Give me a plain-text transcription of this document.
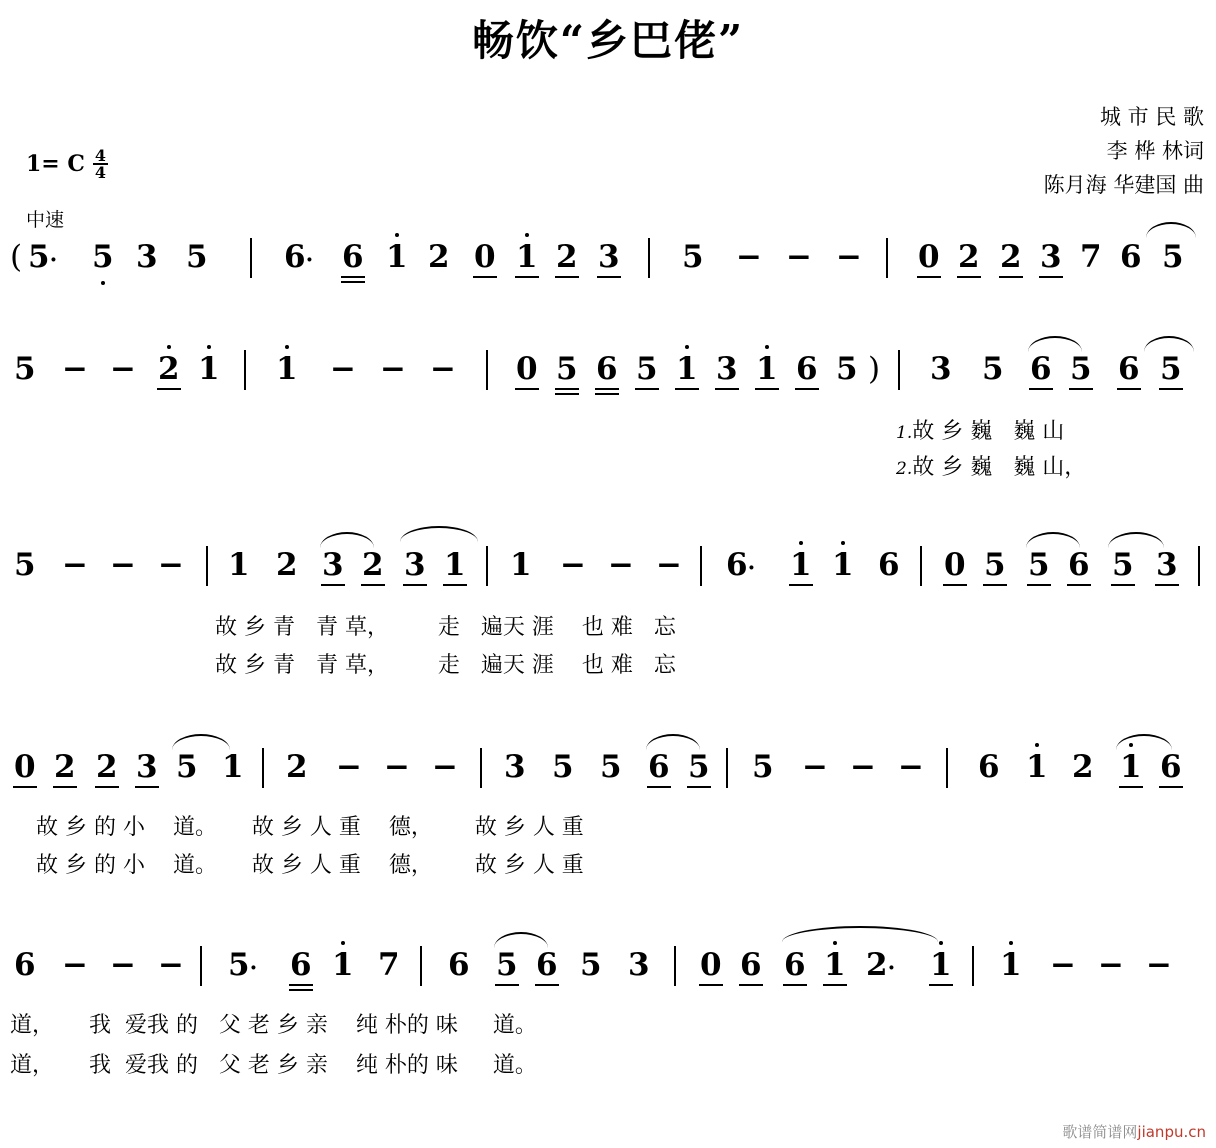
畅饮“乡巴佬”
城 市 民 歌
李 桦 林词
陈月海 华建国 曲
1= C $\frac{4}{4}$
中速
( 5· 5 3 5 6· 6 1 2 0 1 2 3 5 − − − 0 2 2 3 7 6 5
5 − − 2 1 1 − − − 0 5 6 5 1 3 1 6 5 ) 3 5 6 5 6 5
1.故 乡 巍   巍 山
2.故 乡 巍   巍 山，
5 − − − 1 2 3 2 3 1 1 − − − 6· 1 1 6 0 5 5 6 5 3
故 乡 青   青 草，       走   遍天 涯    也 难   忘
故 乡 青   青 草，       走   遍天 涯    也 难   忘
0 2 2 3 5 1 2 − − − 3 5 5 6 5 5 − − − 6 1 2 1 6
故 乡 的 小    道。     故 乡 人 重    德，      故 乡 人 重
故 乡 的 小    道。     故 乡 人 重    德，      故 乡 人 重
6 − − − 5· 6 1 7 6 5 6 5 3 0 6 6 1 2· 1 1 − − −
道，     我  爱我 的   父 老 乡 亲    纯 朴的 味     道。
道，     我  爱我 的   父 老 乡 亲    纯 朴的 味     道。
歌谱简谱网jianpu.cn
